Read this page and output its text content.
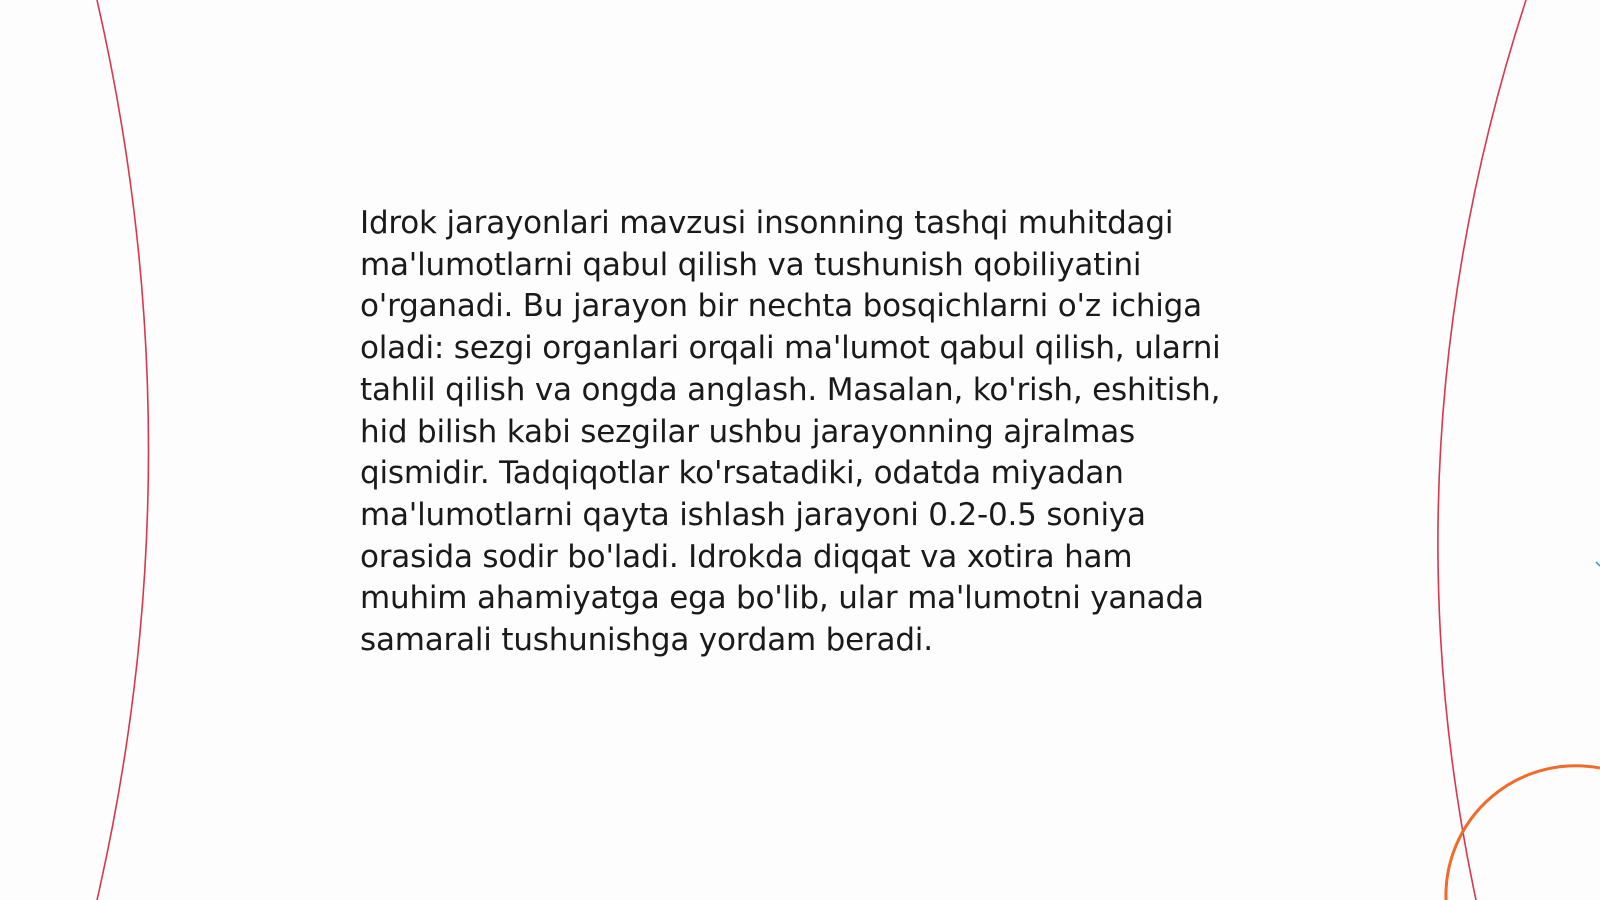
Idrok jarayonlari mavzusi insonning tashqi muhitdagi ma'lumotlarni qabul qilish va tushunish qobiliyatini o'rganadi. Bu jarayon bir nechta bosqichlarni o'z ichiga oladi: sezgi organlari orqali ma'lumot qabul qilish, ularni tahlil qilish va ongda anglash. Masalan, ko'rish, eshitish, hid bilish kabi sezgilar ushbu jarayonning ajralmas qismidir. Tadqiqotlar ko'rsatadiki, odatda miyadan ma'lumotlarni qayta ishlash jarayoni 0.2-0.5 soniya orasida sodir bo'ladi. Idrokda diqqat va xotira ham muhim ahamiyatga ega bo'lib, ular ma'lumotni yanada samarali tushunishga yordam beradi.
